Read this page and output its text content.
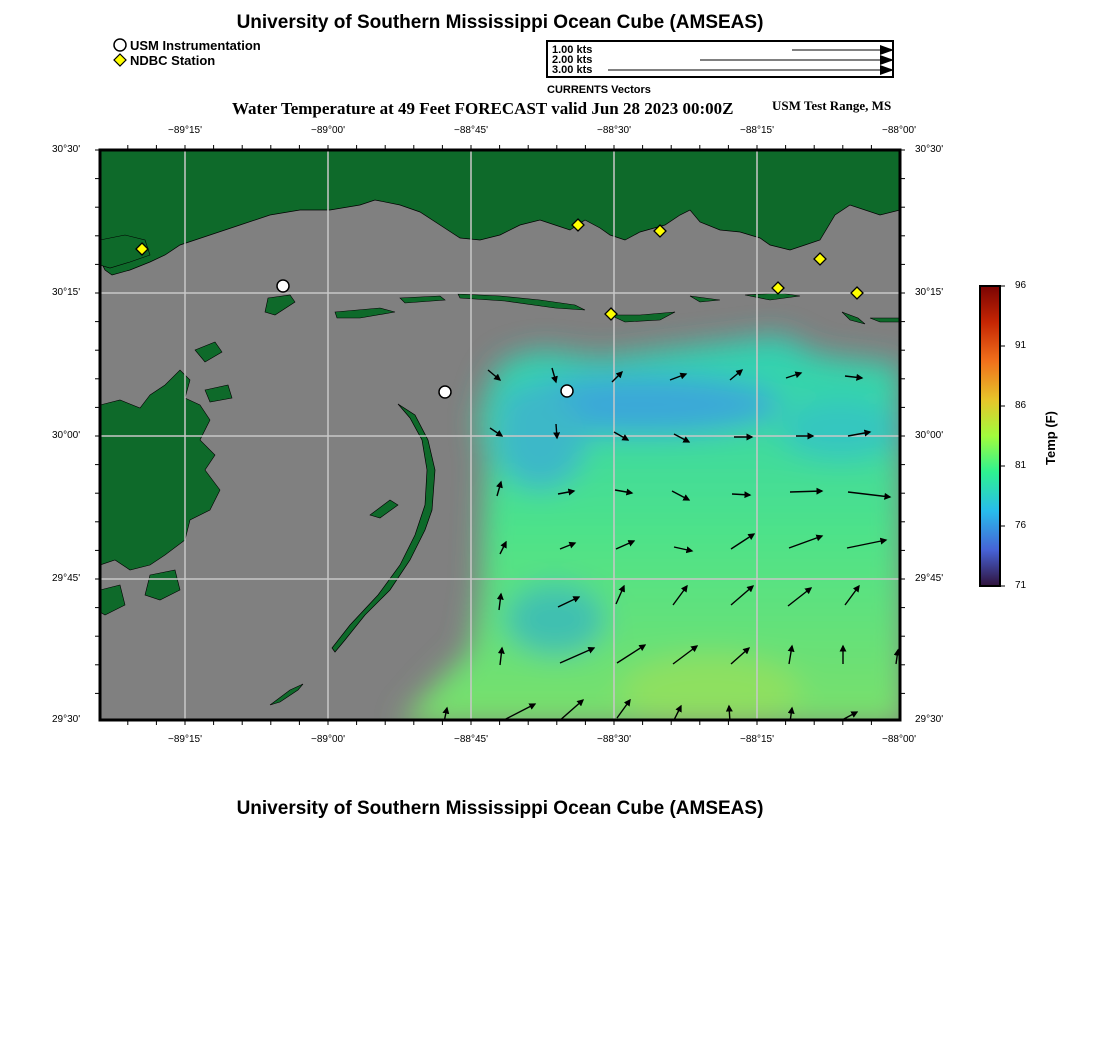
University of Southern Mississippi Ocean Cube (AMSEAS)
USM Instrumentation
NDBC Station
1.00 kts
2.00 kts
3.00 kts
CURRENTS Vectors
Water Temperature at 49 Feet FORECAST valid Jun 28 2023 00:00Z	USM Test Range, MS
−89°15'	−89°00'	−88°45'	−88°30'	−88°15'	−88°00'
−89°15'	−89°00'	−88°45'	−88°30'	−88°15'	−88°00'
30°30'
30°15'
30°00'
29°45'
29°30'
30°30'
30°15'
30°00'
29°45'
29°30'
96
91
86
81
76
71
Temp (F)
University of Southern Mississippi Ocean Cube (AMSEAS)
